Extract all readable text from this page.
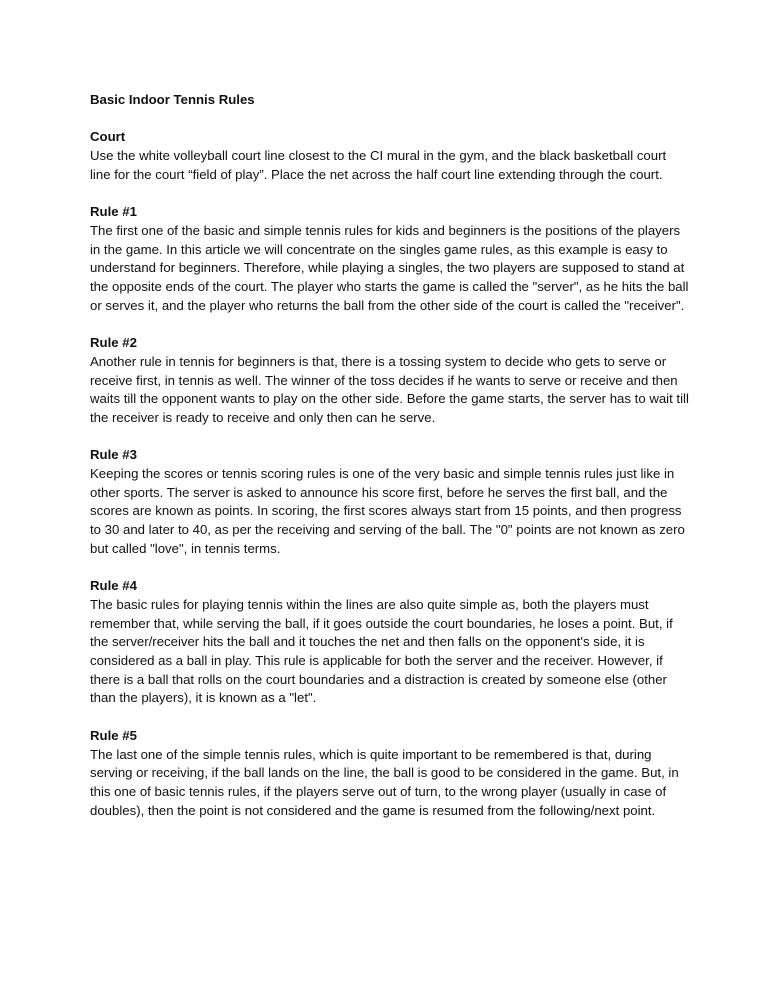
Basic Indoor Tennis Rules
Court
Use the white volleyball court line closest to the CI mural in the gym, and the black basketball court line for the court “field of play”. Place the net across the half court line extending through the court.
Rule #1
The first one of the basic and simple tennis rules for kids and beginners is the positions of the players in the game. In this article we will concentrate on the singles game rules, as this example is easy to understand for beginners. Therefore, while playing a singles, the two players are supposed to stand at the opposite ends of the court. The player who starts the game is called the "server", as he hits the ball or serves it, and the player who returns the ball from the other side of the court is called the "receiver".
Rule #2
Another rule in tennis for beginners is that, there is a tossing system to decide who gets to serve or receive first, in tennis as well. The winner of the toss decides if he wants to serve or receive and then waits till the opponent wants to play on the other side. Before the game starts, the server has to wait till the receiver is ready to receive and only then can he serve.
Rule #3
Keeping the scores or tennis scoring rules is one of the very basic and simple tennis rules just like in other sports. The server is asked to announce his score first, before he serves the first ball, and the scores are known as points. In scoring, the first scores always start from 15 points, and then progress to 30 and later to 40, as per the receiving and serving of the ball. The "0" points are not known as zero but called "love", in tennis terms.
Rule #4
The basic rules for playing tennis within the lines are also quite simple as, both the players must remember that, while serving the ball, if it goes outside the court boundaries, he loses a point. But, if the server/receiver hits the ball and it touches the net and then falls on the opponent's side, it is considered as a ball in play. This rule is applicable for both the server and the receiver. However, if there is a ball that rolls on the court boundaries and a distraction is created by someone else (other than the players), it is known as a "let".
Rule #5
The last one of the simple tennis rules, which is quite important to be remembered is that, during serving or receiving, if the ball lands on the line, the ball is good to be considered in the game. But, in this one of basic tennis rules, if the players serve out of turn, to the wrong player (usually in case of doubles), then the point is not considered and the game is resumed from the following/next point.
